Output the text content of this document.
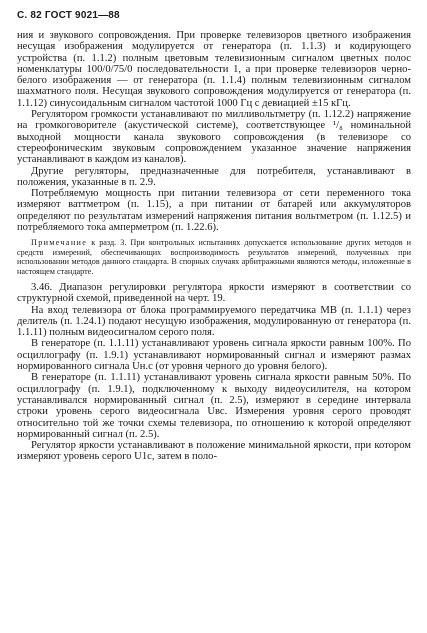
С. 82 ГОСТ 9021—88

ния и звукового сопровождения. При проверке телевизоров цветного изображения несущая изображения модулируется от генератора (п. 1.1.3) и кодирующего устройства (п. 1.1.2) полным цветовым телевизионным сигналом цветных полос номенклатуры 100/0/75/0 последовательности 1, а при проверке телевизоров черно-белого изображения — от генератора (п. 1.1.4) полным телевизионным сигналом шахматного поля. Несущая звукового сопровождения модулируется от генератора (п. 1.1.12) синусоидальным сигналом частотой 1000 Гц с девиацией ±15 кГц.

Регулятором громкости устанавливают по милливольтметру (п. 1.12.2) напряжение на громкоговорителе (акустической системе), соответствующее ¹/₈ номинальной выходной мощности канала звукового сопровождения (в телевизоре со стереофоническим звуковым сопровождением указанное значение напряжения устанавливают в каждом из каналов).

Другие регуляторы, предназначенные для потребителя, устанавливают в положения, указанные в п. 2.9.

Потребляемую мощность при питании телевизора от сети переменного тока измеряют ваттметром (п. 1.15), а при питании от батарей или аккумуляторов определяют по результатам измерений напряжения питания вольтметром (п. 1.12.5) и потребляемого тока амперметром (п. 1.22.6).

Примечание к разд. 3. При контрольных испытаниях допускается использование других методов и средств измерений, обеспечивающих воспроизводимость результатов измерений, полученных при использовании методов данного стандарта. В спорных случаях арбитражными являются методы, изложенные в настоящем стандарте.

3.46. Диапазон регулировки регулятора яркости измеряют в соответствии со структурной схемой, приведенной на черт. 19.

На вход телевизора от блока программируемого передатчика МВ (п. 1.1.1) через делитель (п. 1.24.1) подают несущую изображения, модулированную от генератора (п. 1.1.11) полным видеосигналом серого поля.

В генераторе (п. 1.1.11) устанавливают уровень сигнала яркости равным 100%. По осциллографу (п. 1.9.1) устанавливают нормированный сигнал и измеряют размах нормированного сигнала Uн.с (от уровня черного до уровня белого).

В генераторе (п. 1.1.11) устанавливают уровень сигнала яркости равным 50%. По осциллографу (п. 1.9.1), подключенному к выходу видеоусилителя, на котором устанавливался нормированный сигнал (п. 2.5), измеряют в середине интервала строки уровень серого видеосигнала Uвс. Измерения уровня серого проводят относительно той же точки схемы телевизора, по отношению к которой определяют нормированный сигнал (п. 2.5).

Регулятор яркости устанавливают в положение минимальной яркости, при котором измеряют уровень серого U1с, затем в поло-
